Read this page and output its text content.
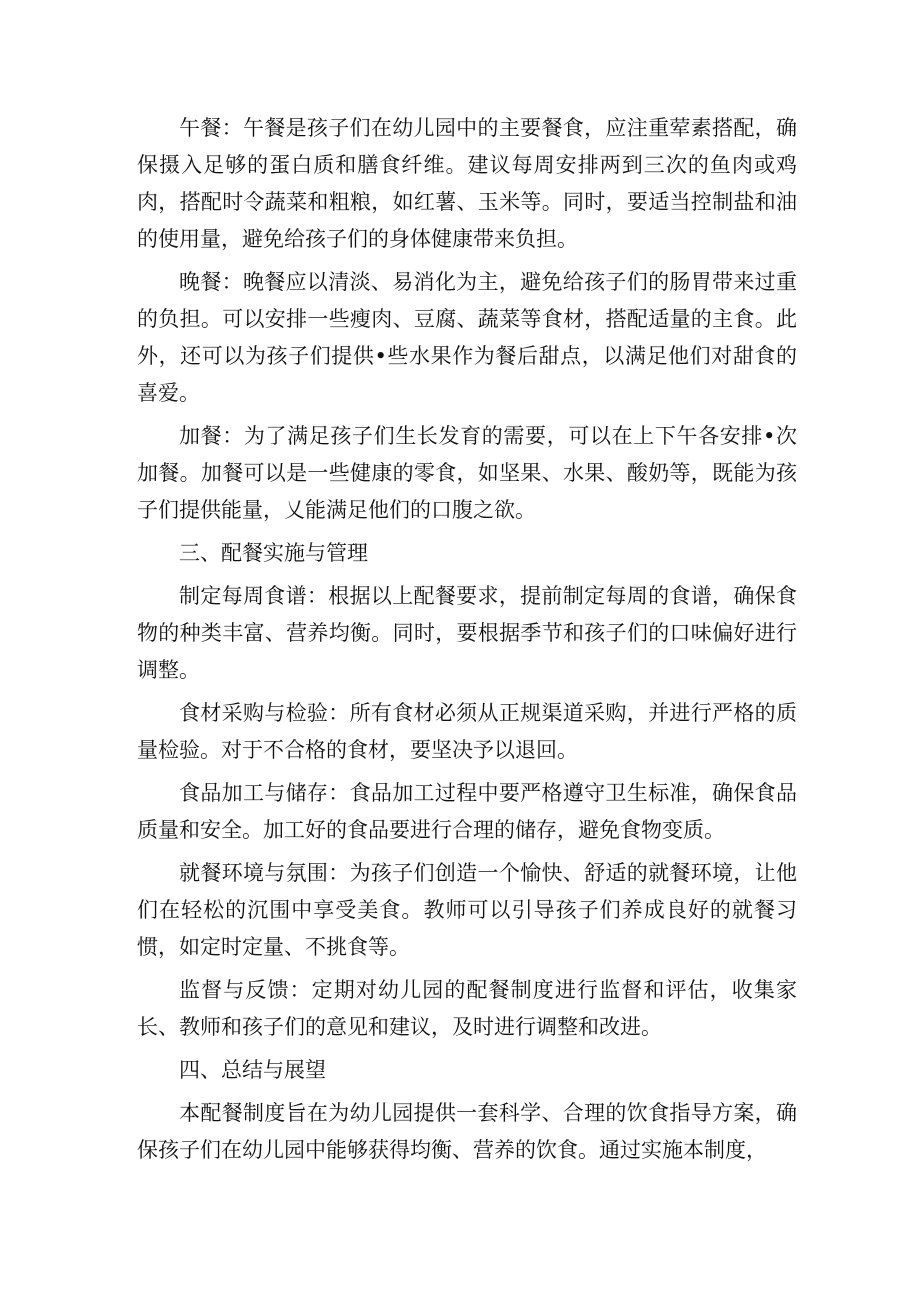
午餐：午餐是孩子们在幼儿园中的主要餐食，应注重荤素搭配，确保摄入足够的蛋白质和膳食纤维。建议每周安排两到三次的鱼肉或鸡肉，搭配时令蔬菜和粗粮，如红薯、玉米等。同时，要适当控制盐和油的使用量，避免给孩子们的身体健康带来负担。

晚餐：晚餐应以清淡、易消化为主，避免给孩子们的肠胃带来过重的负担。可以安排一些瘦肉、豆腐、蔬菜等食材，搭配适量的主食。此外，还可以为孩子们提供•些水果作为餐后甜点，以满足他们对甜食的喜爱。

加餐：为了满足孩子们生长发育的需要，可以在上下午各安排•次加餐。加餐可以是一些健康的零食，如坚果、水果、酸奶等，既能为孩子们提供能量，乂能满足他们的口腹之欲。

三、配餐实施与管理

制定每周食谱：根据以上配餐要求，提前制定每周的食谱，确保食物的种类丰富、营养均衡。同时，要根据季节和孩子们的口味偏好进行调整。

食材采购与检验：所有食材必须从正规渠道采购，并进行严格的质量检验。对于不合格的食材，要坚决予以退回。

食品加工与储存：食品加工过程中要严格遵守卫生标准，确保食品质量和安全。加工好的食品要进行合理的储存，避免食物变质。

就餐环境与氛围：为孩子们创造一个愉快、舒适的就餐环境，让他们在轻松的沉围中享受美食。教师可以引导孩子们养成良好的就餐习惯，如定时定量、不挑食等。

监督与反馈：定期对幼儿园的配餐制度进行监督和评估，收集家长、教师和孩子们的意见和建议，及时进行调整和改进。

四、总结与展望

本配餐制度旨在为幼儿园提供一套科学、合理的饮食指导方案，确保孩子们在幼儿园中能够获得均衡、营养的饮食。通过实施本制度，
